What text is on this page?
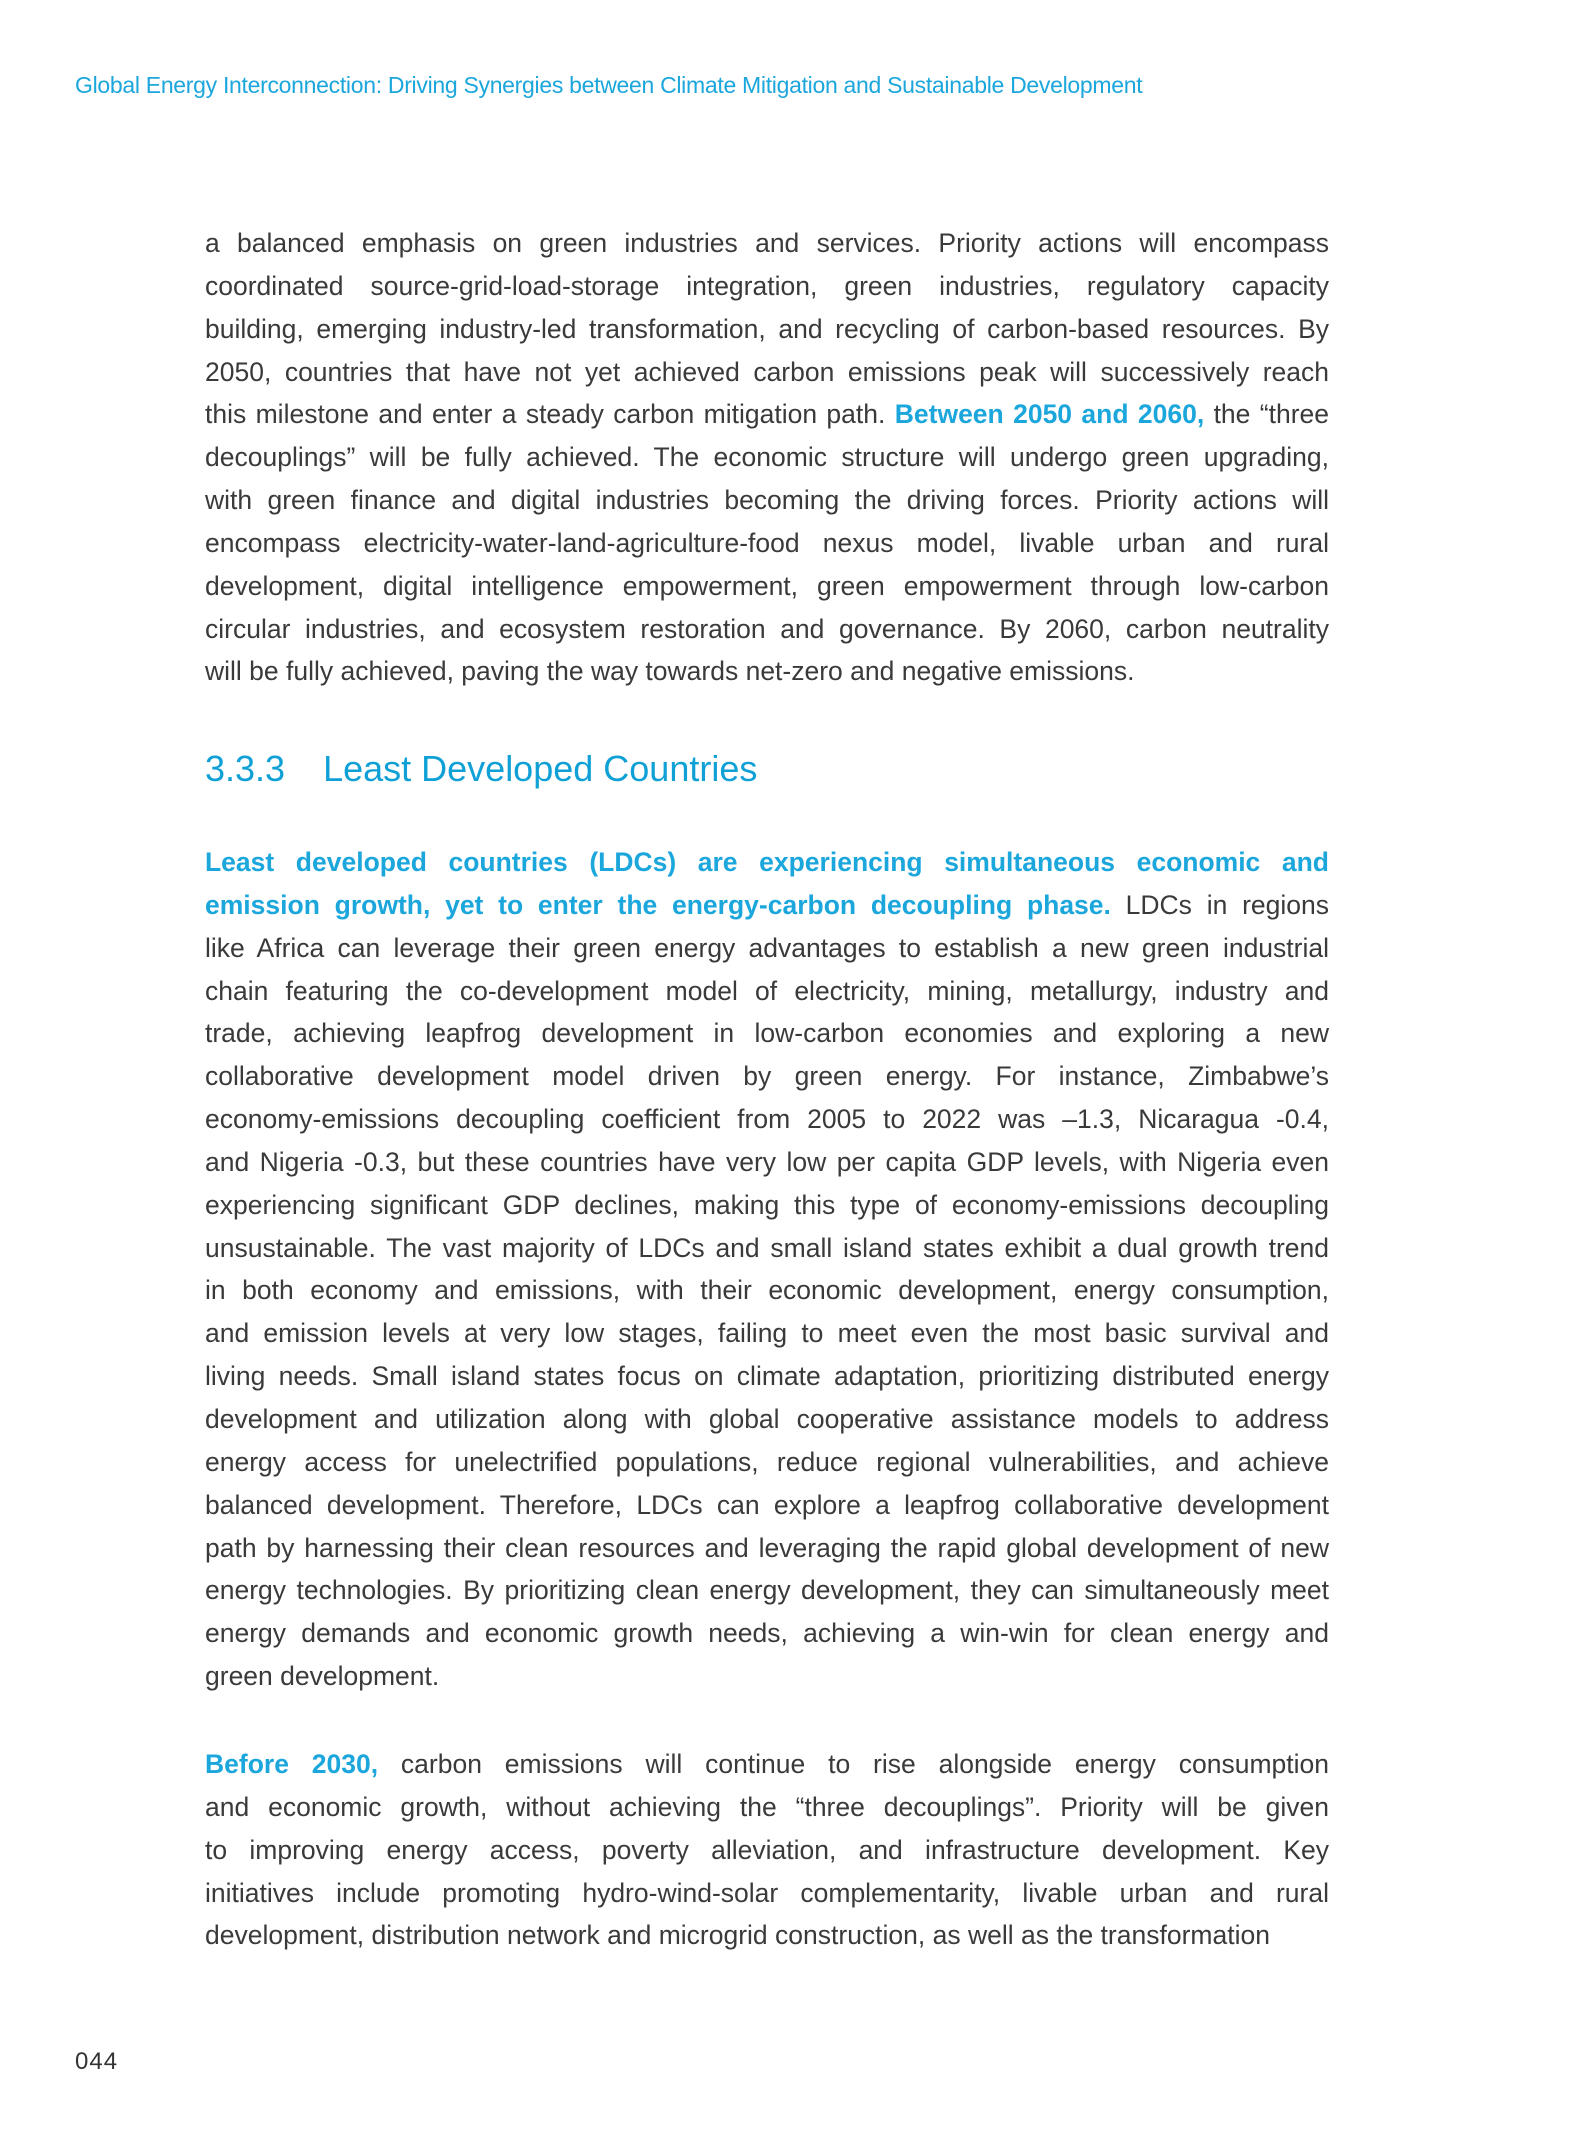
Global Energy Interconnection: Driving Synergies between Climate Mitigation and Sustainable Development
a balanced emphasis on green industries and services. Priority actions will encompass
coordinated source-grid-load-storage integration, green industries, regulatory capacity
building, emerging industry-led transformation, and recycling of carbon-based resources. By
2050, countries that have not yet achieved carbon emissions peak will successively reach
this milestone and enter a steady carbon mitigation path. Between 2050 and 2060, the “three
decouplings” will be fully achieved. The economic structure will undergo green upgrading,
with green finance and digital industries becoming the driving forces. Priority actions will
encompass electricity-water-land-agriculture-food nexus model, livable urban and rural
development, digital intelligence empowerment, green empowerment through low-carbon
circular industries, and ecosystem restoration and governance. By 2060, carbon neutrality
will be fully achieved, paving the way towards net-zero and negative emissions.
3.3.3 Least Developed Countries
Least developed countries (LDCs) are experiencing simultaneous economic and
emission growth, yet to enter the energy-carbon decoupling phase. LDCs in regions
like Africa can leverage their green energy advantages to establish a new green industrial
chain featuring the co-development model of electricity, mining, metallurgy, industry and
trade, achieving leapfrog development in low-carbon economies and exploring a new
collaborative development model driven by green energy. For instance, Zimbabwe’s
economy-emissions decoupling coefficient from 2005 to 2022 was –1.3, Nicaragua -0.4,
and Nigeria -0.3, but these countries have very low per capita GDP levels, with Nigeria even
experiencing significant GDP declines, making this type of economy-emissions decoupling
unsustainable. The vast majority of LDCs and small island states exhibit a dual growth trend
in both economy and emissions, with their economic development, energy consumption,
and emission levels at very low stages, failing to meet even the most basic survival and
living needs. Small island states focus on climate adaptation, prioritizing distributed energy
development and utilization along with global cooperative assistance models to address
energy access for unelectrified populations, reduce regional vulnerabilities, and achieve
balanced development. Therefore, LDCs can explore a leapfrog collaborative development
path by harnessing their clean resources and leveraging the rapid global development of new
energy technologies. By prioritizing clean energy development, they can simultaneously meet
energy demands and economic growth needs, achieving a win-win for clean energy and
green development.
Before 2030, carbon emissions will continue to rise alongside energy consumption
and economic growth, without achieving the “three decouplings”. Priority will be given
to improving energy access, poverty alleviation, and infrastructure development. Key
initiatives include promoting hydro-wind-solar complementarity, livable urban and rural
development, distribution network and microgrid construction, as well as the transformation
044
